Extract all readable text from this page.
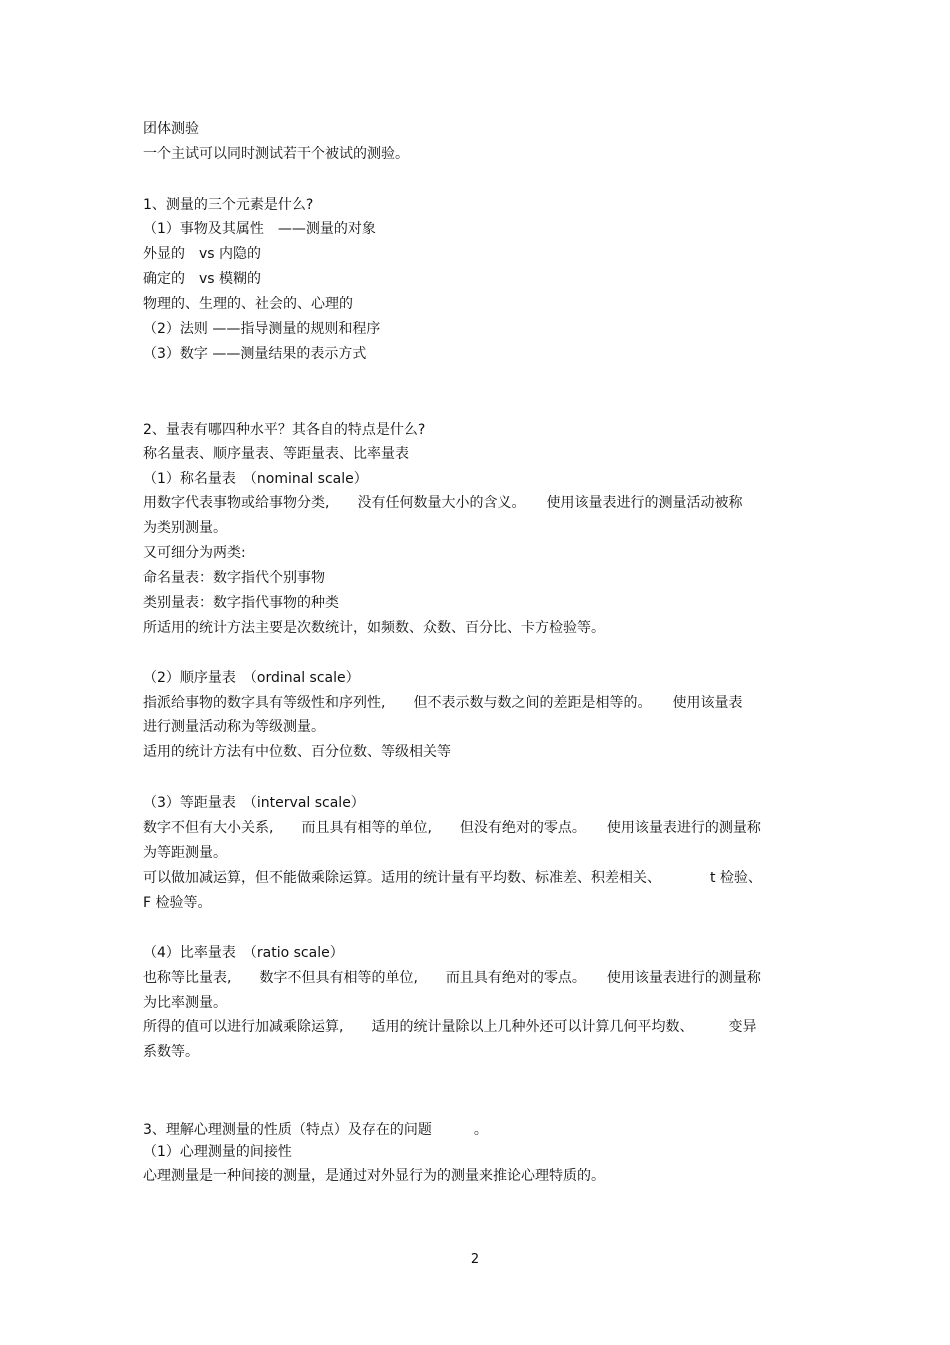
团体测验

一个主试可以同时测试若干个被试的测验。

1、测量的三个元素是什么?

（1）事物及其属性　——测量的对象

外显的　vs 内隐的

确定的　vs 模糊的

物理的、生理的、社会的、心理的

（2）法则 ——指导测量的规则和程序

（3）数字 ——测量结果的表示方式

2、量表有哪四种水平？其各自的特点是什么?

称名量表、顺序量表、等距量表、比率量表

（1）称名量表　（nominal scale）

用数字代表事物或给事物分类,　　没有任何数量大小的含义。　　使用该量表进行的测量活动被称

为类别测量。

又可细分为两类:

命名量表：数字指代个别事物

类别量表：数字指代事物的种类

所适用的统计方法主要是次数统计，如频数、众数、百分比、卡方检验等。

（2）顺序量表　（ordinal scale）

指派给事物的数字具有等级性和序列性,　　但不表示数与数之间的差距是相等的。　　使用该量表

进行测量活动称为等级测量。

适用的统计方法有中位数、百分位数、等级相关等

（3）等距量表　（interval scale）

数字不但有大小关系,　　而且具有相等的单位,　　但没有绝对的零点。　　使用该量表进行的测量称

为等距测量。

可以做加减运算，但不能做乘除运算。适用的统计量有平均数、标准差、积差相关、　　　　t 检验、

F 检验等。

（4）比率量表　（ratio scale）

也称等比量表,　　数字不但具有相等的单位,　　而且具有绝对的零点。　　使用该量表进行的测量称

为比率测量。

所得的值可以进行加减乘除运算,　　适用的统计量除以上几种外还可以计算几何平均数、　　　变异

系数等。

3、理解心理测量的性质（特点）及存在的问题　　　。

（1）心理测量的间接性

心理测量是一种间接的测量，是通过对外显行为的测量来推论心理特质的。

2
